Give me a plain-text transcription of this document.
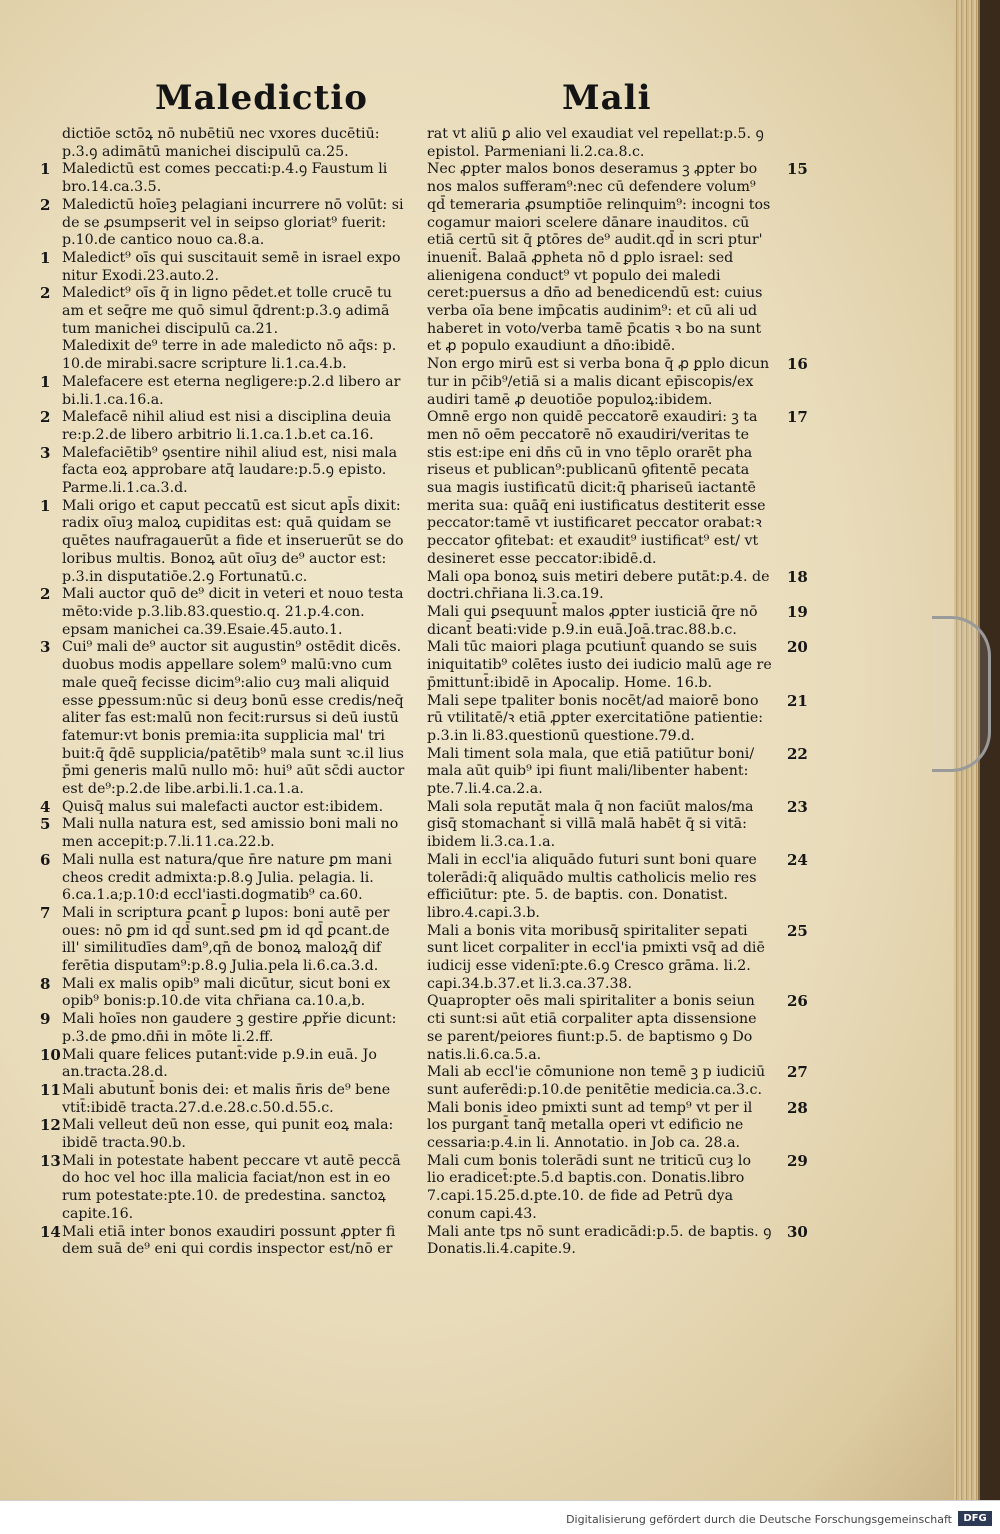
Maledictio	Mali
dictiōe sctōꝝ nō nubētiū nec vxores ducētiū: p.3.ꝯ adimātū manichei discipulū ca.25.
1 Maledictū est comes peccati:p.4.ꝯ Faustum li bro.14.ca.3.5.
2 Maledictū hoīeꝫ pelagiani incurrere nō volūt: si de se ꝓsumpserit vel in seipso gloriat⁹ fuerit: p.10.de cantico nouo ca.8.a.
1 Maledict⁹ oīs qui suscitauit semē in israel expo nitur Exodi.23.auto.2.
2 Maledict⁹ oīs q̄ in ligno pēdet.et tolle crucē tu am et seq̄re me quō simul q̄drent:p.3.ꝯ adimā tum manichei discipulū ca.21.
Maledixit de⁹ terre in ade maledicto nō aq̄s: p. 10.de mirabi.sacre scripture li.1.ca.4.b.
1 Malefacere est eterna negligere:p.2.d libero ar bi.li.1.ca.16.a.
2 Malefacē nihil aliud est nisi a disciplina deuia re:p.2.de libero arbitrio li.1.ca.1.b.et ca.16.
3 Malefaciētib⁹ ꝯsentire nihil aliud est, nisi mala facta eoꝝ approbare atq̄ laudare:p.5.ꝯ episto. Parme.li.1.ca.3.d.
1 Mali origo et caput peccatū est sicut apl̄s dixit: radix oīuȝ maloꝝ cupiditas est: quā quidam se quētes naufragauerūt a fide et inseruerūt se do loribus multis. Bonoꝝ aūt oīuȝ de⁹ auctor est: p.3.in disputatiōe.2.ꝯ Fortunatū.c.
2 Mali auctor quō de⁹ dicit in veteri et nouo testa mēto:vide p.3.lib.83.questio.q. 21.p.4.con. epsam manichei ca.39.Esaie.45.auto.1.
3 Cui⁹ mali de⁹ auctor sit augustin⁹ ostēdit dicēs. duobus modis appellare solem⁹ malū:vno cum male queq̄ fecisse dicim⁹:alio cuȝ mali aliquid esse ꝑpessum:nūc si deuȝ bonū esse credis/neq̄ aliter fas est:malū non fecit:rursus si deū iustū fatemur:vt bonis premia:ita supplicia mal' tri buit:q̄ q̄dē supplicia/patētib⁹ mala sunt ꝛc.il lius p̄mi generis malū nullo mō: hui⁹ aūt sc̄di auctor est de⁹:p.2.de libe.arbi.li.1.ca.1.a.
4 Quisq̄ malus sui malefacti auctor est:ibidem.
5 Mali nulla natura est, sed amissio boni mali no men accepit:p.7.li.11.ca.22.b.
6 Mali nulla est natura/que n̄re nature ꝑm mani cheos credit admixta:p.8.ꝯ Julia. pelagia. li. 6.ca.1.a;p.10:d eccl'iasti.dogmatib⁹ ca.60.
7 Mali in scriptura ꝑcant̄ ꝑ lupos: boni autē per oues: nō ꝑm id qd̄ sunt.sed ꝑm id qd̄ ꝑcant.de ill' similitudīes dam⁹,qn̄ de bonoꝝ maloꝝq̄ dif ferētia disputam⁹:p.8.ꝯ Julia.pela li.6.ca.3.d.
8 Mali ex malis opib⁹ mali dicūtur, sicut boni ex opib⁹ bonis:p.10.de vita chr̄iana ca.10.a,b.
9 Mali hoīes non gaudere ꝫ gestire ꝓpřie dicunt: p.3.de ꝑmo.dn̄i in mōte li.2.ff.
10 Mali quare felices putant̄:vide p.9.in euā. Jo an.tracta.28.d.
11 Mali abutunt̄ bonis dei: et malis n̄ris de⁹ bene vtit̄:ibidē tracta.27.d.e.28.c.50.d.55.c.
12 Mali velleut deū non esse, qui punit eoꝝ mala: ibidē tracta.90.b.
13 Mali in potestate habent peccare vt autē peccā do hoc vel hoc illa malicia faciat/non est in eo rum potestate:pte.10. de predestina. sanctoꝝ capite.16.
14 Mali etiā inter bonos exaudiri possunt ꝓpter fi dem suā de⁹ eni qui cordis inspector est/nō er
rat vt aliū ꝑ alio vel exaudiat vel repellat:p.5. ꝯ epistol. Parmeniani li.2.ca.8.c.
15
Nec ꝓpter malos bonos deseramus ꝫ ꝓpter bo nos malos sufferam⁹:nec cū defendere volum⁹ qd̄ temeraria ꝓsumptiōe relinquim⁹: incogni tos cogamur maiori scelere dānare inauditos. cū etiā certū sit q̄ ꝑtōres de⁹ audit.qd̄ in scri ptur' inuenit̄. Balaā ꝓpheta nō d ꝑplo israel: sed alienigena conduct⁹ vt populo dei maledi ceret:puersus a dn̄o ad benedicendū est: cuius verba oīa bene imp̄catis audinim⁹: et cū ali ud haberet in voto/verba tamē p̄catis ꝛ bo na sunt et ꝓ populo exaudiunt a dn̄o:ibidē.
16
Non ergo mirū est si verba bona q̄ ꝓ ꝑplo dicun tur in pc̄ib⁹/etiā si a malis dicant ep̄iscopis/ex audiri tamē ꝓ deuotiōe populoꝝ:ibidem.
17
Omnē ergo non quidē peccatorē exaudiri: ꝫ ta men nō oēm peccatorē nō exaudiri/veritas te stis est:ipe eni dn̄s cū in vno tēplo orarēt pha riseus et publican⁹:publicanū ꝯfitentē pecata sua magis iustificatū dicit:q̄ phariseū iactantē merita sua: quāq̄ eni iustificatus destiterit esse peccator:tamē vt iustificaret peccator orabat:ꝛ peccator ꝯfitebat: et exaudit⁹ iustificat⁹ est/ vt desineret esse peccator:ibidē.d.
18
Mali opa bonoꝝ suis metiri debere putāt:p.4. de doctri.chr̄iana li.3.ca.19.
19
Mali qui ꝑsequunt̄ malos ꝓpter iusticiā q̄re nō dicant̄ beati:vide p.9.in euā.Joā.trac.88.b.c.
20
Mali tūc maiori plaga pcutiunt̄ quando se suis iniquitatib⁹ colētes iusto dei iudicio malū age re p̄mittunt̄:ibidē in Apocalip. Home. 16.b.
21
Mali sepe tpaliter bonis nocēt/ad maiorē bono rū vtilitatē/ꝛ etiā ꝓpter exercitatiōne patientie: p.3.in li.83.questionū questione.79.d.
22
Mali timent sola mala, que etiā patiūtur boni/ mala aūt quib⁹ ipi fiunt mali/libenter habent: pte.7.li.4.ca.2.a.
23
Mali sola reputāt mala q̄ non faciūt malos/ma gisq̄ stomachant̄ si villā malā habēt q̄ si vitā: ibidem li.3.ca.1.a.
24
Mali in eccl'ia aliquādo futuri sunt boni quare tolerādi:q̄ aliquādo multis catholicis melio res efficiūtur: pte. 5. de baptis. con. Donatist. libro.4.capi.3.b.
25
Mali a bonis vita moribusq̄ spiritaliter sepati sunt licet corpaliter in eccl'ia pmixti vsq̄ ad diē iudicij esse videnī:pte.6.ꝯ Cresco grāma. li.2. capi.34.b.37.et li.3.ca.37.38.
26
Quapropter oēs mali spiritaliter a bonis seiun cti sunt:si aūt etiā corpaliter apta dissensione se parent/peiores fiunt:p.5. de baptismo ꝯ Do natis.li.6.ca.5.a.
27
Mali ab eccl'ie cōmunione non temē ꝫ p iudiciū sunt auferēdi:p.10.de penitētie medicia.ca.3.c.
28
Mali bonis ideo pmixti sunt ad temp⁹ vt per il los purgant̄ tanq̄ metalla operi vt edificio ne cessaria:p.4.in li. Annotatio. in Job ca. 28.a.
29
Mali cum bonis tolerādi sunt ne triticū cuȝ lo lio eradicet̄:pte.5.d baptis.con. Donatis.libro 7.capi.15.25.d.pte.10. de fide ad Petrū dya conum capi.43.
30
Mali ante tps nō sunt eradicādi:p.5. de baptis. ꝯ Donatis.li.4.capite.9.
Digitalisierung gefördert durch die Deutsche Forschungsgemeinschaft	DFG
